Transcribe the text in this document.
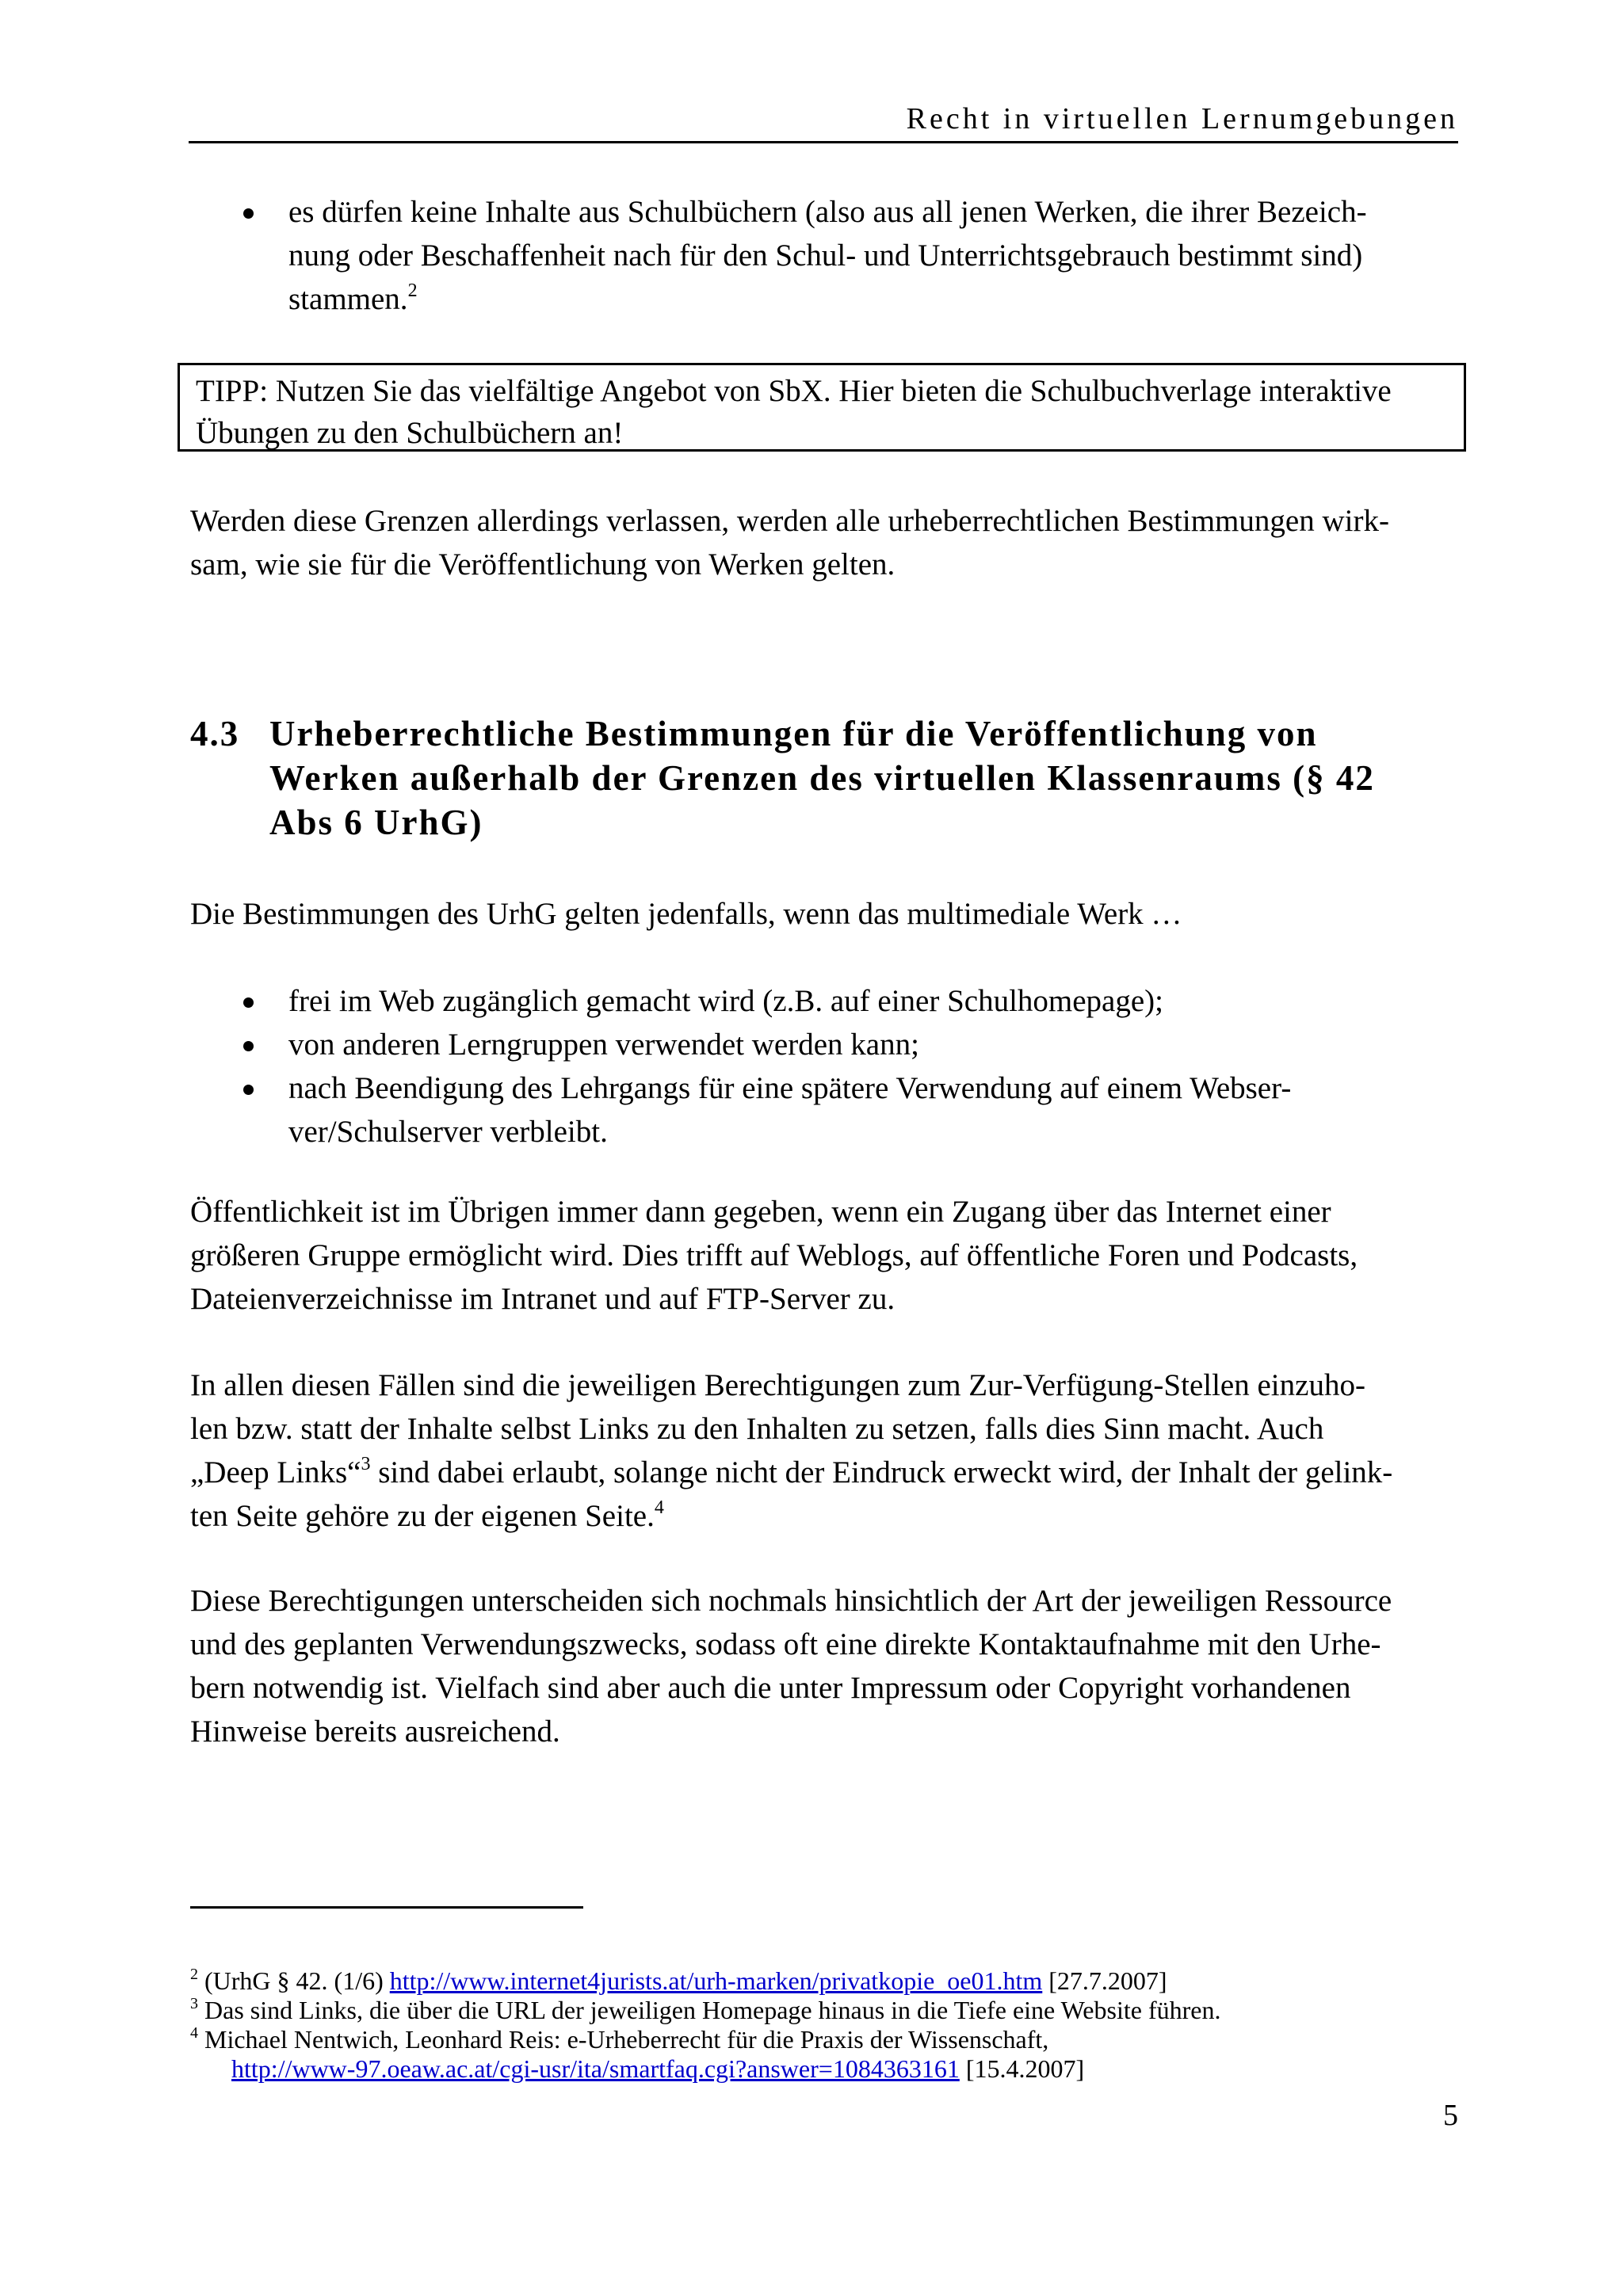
Recht in virtuellen Lernumgebungen
es dürfen keine Inhalte aus Schulbüchern (also aus all jenen Werken, die ihrer Bezeich-
nung oder Beschaffenheit nach für den Schul- und Unterrichtsgebrauch bestimmt sind)
stammen.$^2$
TIPP: Nutzen Sie das vielfältige Angebot von SbX. Hier bieten die Schulbuchverlage interaktive
Übungen zu den Schulbüchern an!

Werden diese Grenzen allerdings verlassen, werden alle urheberrechtlichen Bestimmungen wirk-
sam, wie sie für die Veröffentlichung von Werken gelten.

4.3 Urheberrechtliche Bestimmungen für die Veröffentlichung von
Werken außerhalb der Grenzen des virtuellen Klassenraums (§ 42
Abs 6 UrhG)
Die Bestimmungen des UrhG gelten jedenfalls, wenn das multimediale Werk …
frei im Web zugänglich gemacht wird (z.B. auf einer Schulhomepage);
von anderen Lerngruppen verwendet werden kann;
nach Beendigung des Lehrgangs für eine spätere Verwendung auf einem Webser-
ver/Schulserver verbleibt.

Öffentlichkeit ist im Übrigen immer dann gegeben, wenn ein Zugang über das Internet einer
größeren Gruppe ermöglicht wird. Dies trifft auf Weblogs, auf öffentliche Foren und Podcasts,
Dateienverzeichnisse im Intranet und auf FTP-Server zu.

In allen diesen Fällen sind die jeweiligen Berechtigungen zum Zur-Verfügung-Stellen einzuho-
len bzw. statt der Inhalte selbst Links zu den Inhalten zu setzen, falls dies Sinn macht. Auch
„Deep Links“$^3$ sind dabei erlaubt, solange nicht der Eindruck erweckt wird, der Inhalt der gelink-
ten Seite gehöre zu der eigenen Seite.$^4$

Diese Berechtigungen unterscheiden sich nochmals hinsichtlich der Art der jeweiligen Ressource
und des geplanten Verwendungszwecks, sodass oft eine direkte Kontaktaufnahme mit den Urhe-
bern notwendig ist. Vielfach sind aber auch die unter Impressum oder Copyright vorhandenen
Hinweise bereits ausreichend.

$^2$ (UrhG § 42. (1/6) http://www.internet4jurists.at/urh-marken/privatkopie_oe01.htm [27.7.2007]
$^3$ Das sind Links, die über die URL der jeweiligen Homepage hinaus in die Tiefe eine Website führen.
$^4$ Michael Nentwich, Leonhard Reis: e-Urheberrecht für die Praxis der Wissenschaft,
http://www-97.oeaw.ac.at/cgi-usr/ita/smartfaq.cgi?answer=1084363161 [15.4.2007]
5
